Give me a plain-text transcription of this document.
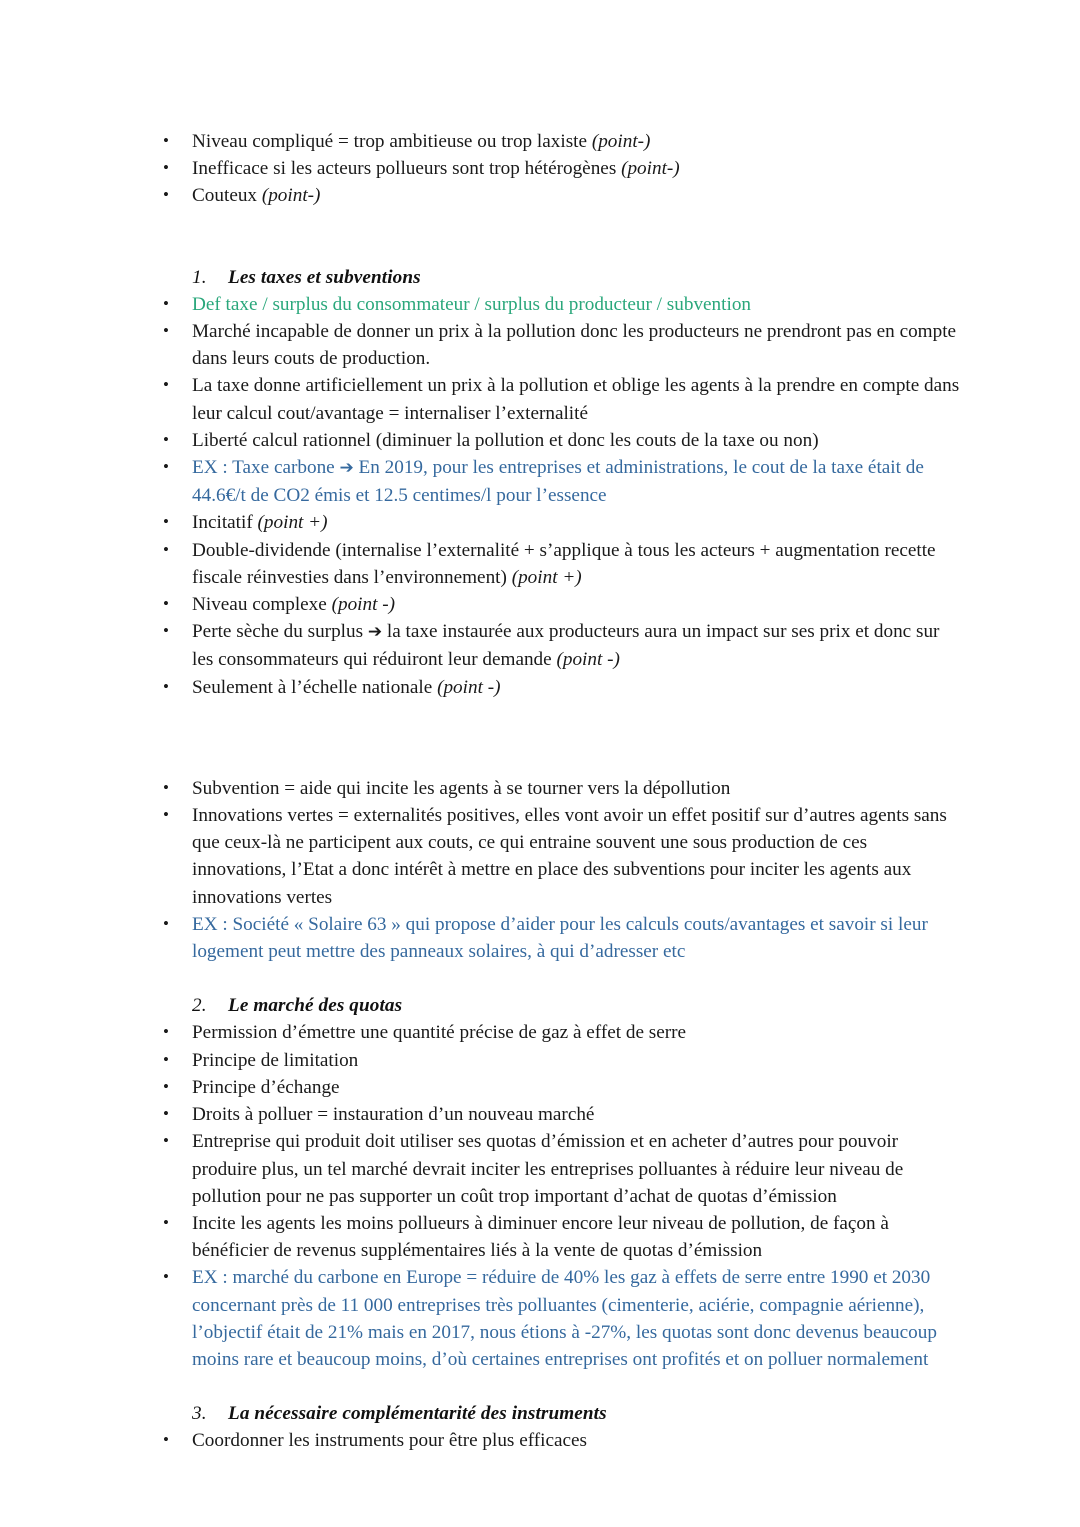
• Niveau compliqué = trop ambitieuse ou trop laxiste (point-)
• Inefficace si les acteurs pollueurs sont trop hétérogènes (point-)
• Couteux (point-)
1. Les taxes et subventions
• Def taxe / surplus du consommateur / surplus du producteur / subvention
• Marché incapable de donner un prix à la pollution donc les producteurs ne prendront pas en compte dans leurs couts de production.
• La taxe donne artificiellement un prix à la pollution et oblige les agents à la prendre en compte dans leur calcul cout/avantage = internaliser l’externalité
• Liberté calcul rationnel (diminuer la pollution et donc les couts de la taxe ou non)
• EX : Taxe carbone ➔ En 2019, pour les entreprises et administrations, le cout de la taxe était de 44.6€/t de CO2 émis et 12.5 centimes/l pour l’essence
• Incitatif (point +)
• Double-dividende (internalise l’externalité + s’applique à tous les acteurs + augmentation recette fiscale réinvesties dans l’environnement) (point +)
• Niveau complexe (point -)
• Perte sèche du surplus ➔ la taxe instaurée aux producteurs aura un impact sur ses prix et donc sur les consommateurs qui réduiront leur demande (point -)
• Seulement à l’échelle nationale (point -)
• Subvention = aide qui incite les agents à se tourner vers la dépollution
• Innovations vertes = externalités positives, elles vont avoir un effet positif sur d’autres agents sans que ceux-là ne participent aux couts, ce qui entraine souvent une sous production de ces innovations, l’Etat a donc intérêt à mettre en place des subventions pour inciter les agents aux innovations vertes
• EX : Société « Solaire 63 » qui propose d’aider pour les calculs couts/avantages et savoir si leur logement peut mettre des panneaux solaires, à qui d’adresser etc
2. Le marché des quotas
• Permission d’émettre une quantité précise de gaz à effet de serre
• Principe de limitation
• Principe d’échange
• Droits à polluer = instauration d’un nouveau marché
• Entreprise qui produit doit utiliser ses quotas d’émission et en acheter d’autres pour pouvoir produire plus, un tel marché devrait inciter les entreprises polluantes à réduire leur niveau de pollution pour ne pas supporter un coût trop important d’achat de quotas d’émission
• Incite les agents les moins pollueurs à diminuer encore leur niveau de pollution, de façon à bénéficier de revenus supplémentaires liés à la vente de quotas d’émission
• EX : marché du carbone en Europe = réduire de 40% les gaz à effets de serre entre 1990 et 2030 concernant près de 11 000 entreprises très polluantes (cimenterie, aciérie, compagnie aérienne), l’objectif était de 21% mais en 2017, nous étions à -27%, les quotas sont donc devenus beaucoup moins rare et beaucoup moins, d’où certaines entreprises ont profités et on polluer normalement
3. La nécessaire complémentarité des instruments
• Coordonner les instruments pour être plus efficaces
